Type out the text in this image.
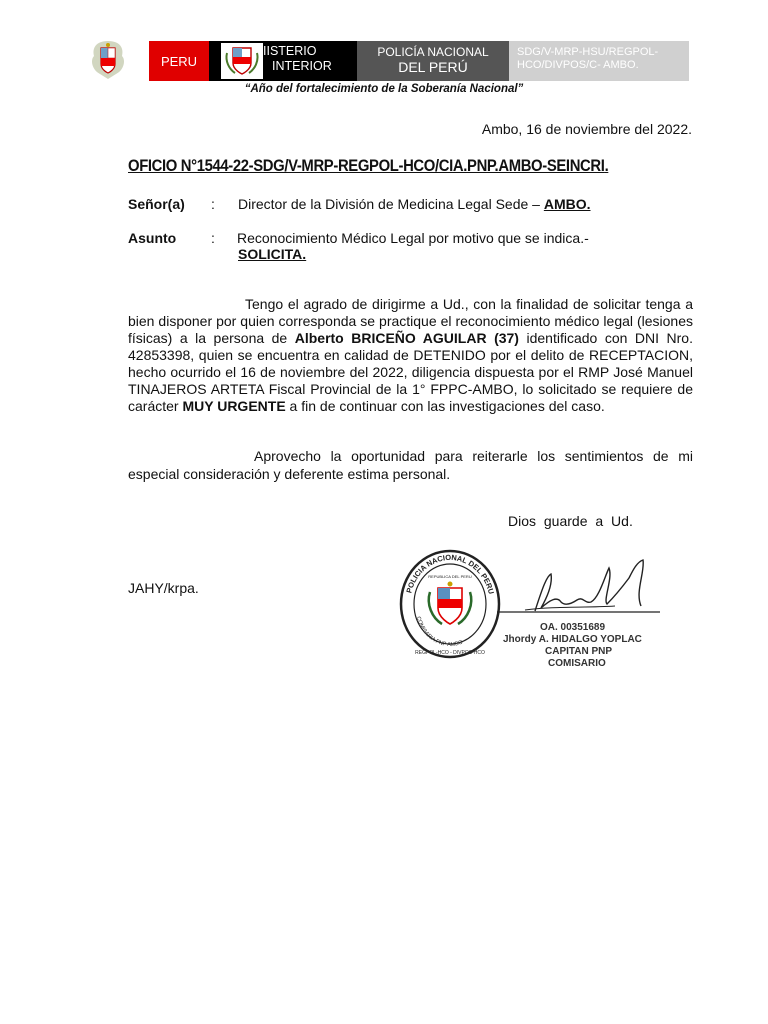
PERU
IISTERIO
INTERIOR
POLICÍA NACIONAL
DEL PERÚ
SDG/V-MRP-HSU/REGPOL-
HCO/DIVPOS/C- AMBO.
“Año del fortalecimiento de la Soberanía Nacional”
Ambo, 16 de noviembre del 2022.
OFICIO N°1544-22-SDG/V-MRP-REGPOL-HCO/CIA.PNP.AMBO-SEINCRI.
Señor(a) : Director de la División de Medicina Legal Sede – AMBO.
Asunto : Reconocimiento Médico Legal por motivo que se indica.-
SOLICITA.
Tengo el agrado de dirigirme a Ud., con la finalidad de solicitar tenga a bien disponer por quien corresponda se practique el reconocimiento médico legal (lesiones físicas) a la persona de Alberto BRICEÑO AGUILAR (37) identificado con DNI Nro. 42853398, quien se encuentra en calidad de DETENIDO por el delito de RECEPTACION, hecho ocurrido el 16 de noviembre del 2022, diligencia dispuesta por el RMP José Manuel TINAJEROS ARTETA Fiscal Provincial de la 1° FPPC-AMBO, lo solicitado se requiere de carácter MUY URGENTE a fin de continuar con las investigaciones del caso.
Aprovecho la oportunidad para reiterarle los sentimientos de mi especial consideración y deferente estima personal.
Dios guarde a Ud.
JAHY/krpa.	POLICIA NACIONAL DEL PERU
COMISARIA PNP AMBO
REGPOL-HCO - DIVPOS-HCO
REPUBLICA DEL PERU
OA. 00351689
Jhordy A. HIDALGO YOPLAC
CAPITAN PNP
COMISARIO
